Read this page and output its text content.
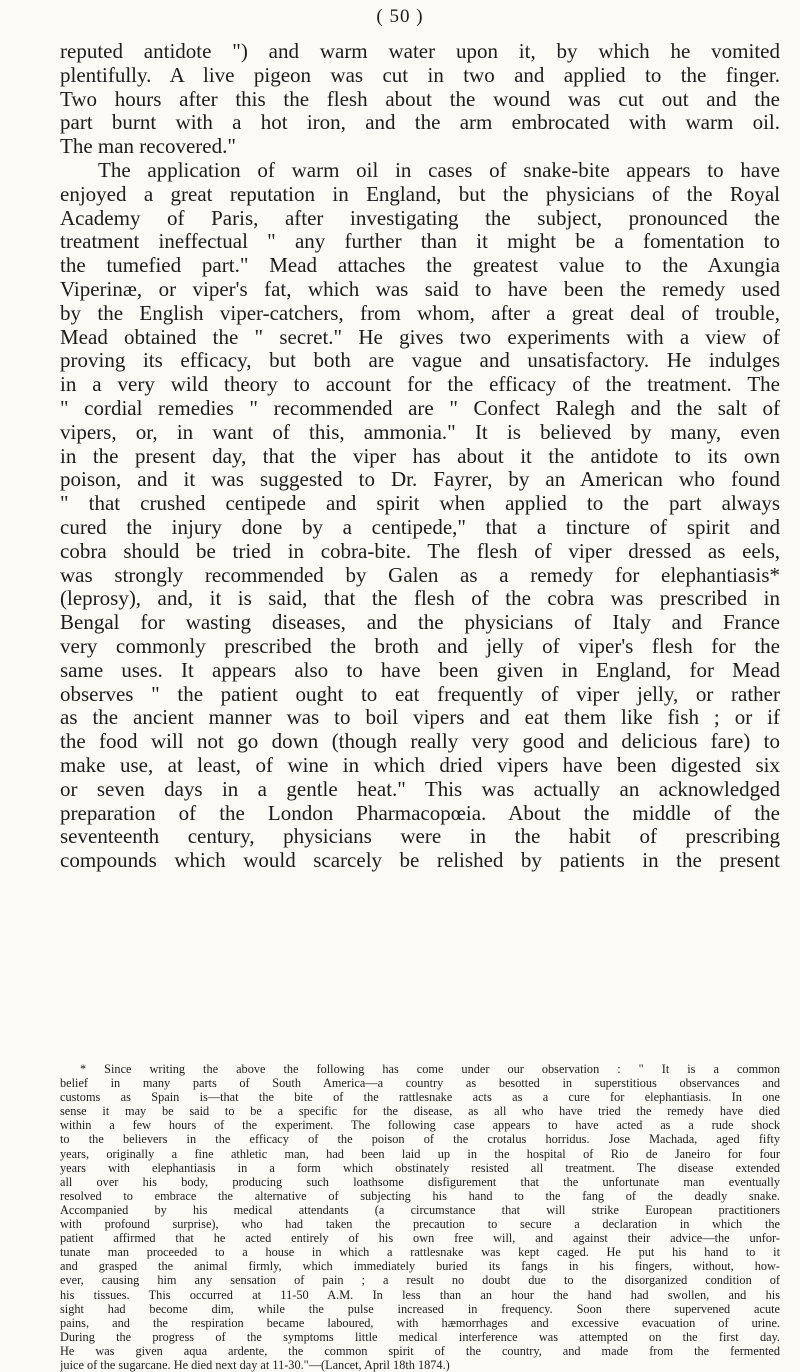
( 50 )
reputed antidote ") and warm water upon it, by which he vomited
plentifully. A live pigeon was cut in two and applied to the finger.
Two hours after this the flesh about the wound was cut out and the
part burnt with a hot iron, and the arm embrocated with warm oil.
The man recovered."
The application of warm oil in cases of snake-bite appears to have
enjoyed a great reputation in England, but the physicians of the Royal
Academy of Paris, after investigating the subject, pronounced the
treatment ineffectual " any further than it might be a fomentation to
the tumefied part." Mead attaches the greatest value to the Axungia
Viperinæ, or viper's fat, which was said to have been the remedy used
by the English viper-catchers, from whom, after a great deal of trouble,
Mead obtained the " secret." He gives two experiments with a view of
proving its efficacy, but both are vague and unsatisfactory. He indulges
in a very wild theory to account for the efficacy of the treatment. The
" cordial remedies " recommended are " Confect Ralegh and the salt of
vipers, or, in want of this, ammonia." It is believed by many, even
in the present day, that the viper has about it the antidote to its own
poison, and it was suggested to Dr. Fayrer, by an American who found
" that crushed centipede and spirit when applied to the part always
cured the injury done by a centipede," that a tincture of spirit and
cobra should be tried in cobra-bite. The flesh of viper dressed as eels,
was strongly recommended by Galen as a remedy for elephantiasis*
(leprosy), and, it is said, that the flesh of the cobra was prescribed in
Bengal for wasting diseases, and the physicians of Italy and France
very commonly prescribed the broth and jelly of viper's flesh for the
same uses. It appears also to have been given in England, for Mead
observes " the patient ought to eat frequently of viper jelly, or rather
as the ancient manner was to boil vipers and eat them like fish ; or if
the food will not go down (though really very good and delicious fare) to
make use, at least, of wine in which dried vipers have been digested six
or seven days in a gentle heat." This was actually an acknowledged
preparation of the London Pharmacopœia. About the middle of the
seventeenth century, physicians were in the habit of prescribing
compounds which would scarcely be relished by patients in the present
* Since writing the above the following has come under our observation : " It is a common
belief in many parts of South America—a country as besotted in superstitious observances and
customs as Spain is—that the bite of the rattlesnake acts as a cure for elephantiasis. In one
sense it may be said to be a specific for the disease, as all who have tried the remedy have died
within a few hours of the experiment. The following case appears to have acted as a rude shock
to the believers in the efficacy of the poison of the crotalus horridus. Jose Machada, aged fifty
years, originally a fine athletic man, had been laid up in the hospital of Rio de Janeiro for four
years with elephantiasis in a form which obstinately resisted all treatment. The disease extended
all over his body, producing such loathsome disfigurement that the unfortunate man eventually
resolved to embrace the alternative of subjecting his hand to the fang of the deadly snake.
Accompanied by his medical attendants (a circumstance that will strike European practitioners
with profound surprise), who had taken the precaution to secure a declaration in which the
patient affirmed that he acted entirely of his own free will, and against their advice—the unfor-
tunate man proceeded to a house in which a rattlesnake was kept caged. He put his hand to it
and grasped the animal firmly, which immediately buried its fangs in his fingers, without, how-
ever, causing him any sensation of pain ; a result no doubt due to the disorganized condition of
his tissues. This occurred at 11-50 A.M. In less than an hour the hand had swollen, and his
sight had become dim, while the pulse increased in frequency. Soon there supervened acute
pains, and the respiration became laboured, with hæmorrhages and excessive evacuation of urine.
During the progress of the symptoms little medical interference was attempted on the first day.
He was given aqua ardente, the common spirit of the country, and made from the fermented
juice of the sugarcane. He died next day at 11-30."—(Lancet, April 18th 1874.)
